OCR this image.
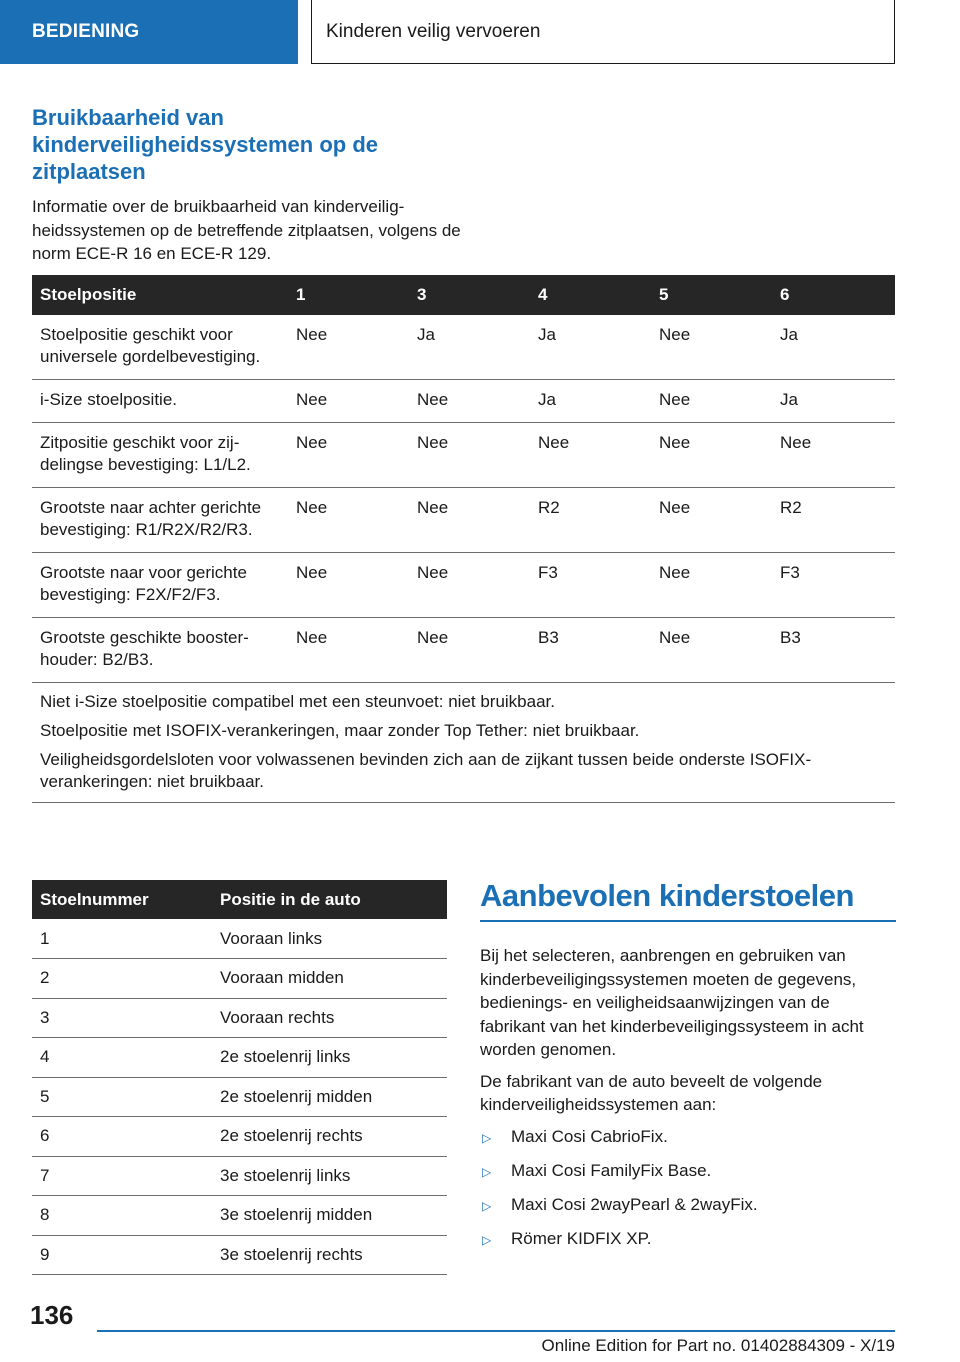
BEDIENING	Kinderen veilig vervoeren
Bruikbaarheid van kinderveiligheidssystemen op de zitplaatsen

Informatie over de bruikbaarheid van kinderveiligheidssystemen op de betreffende zitplaatsen, volgens de norm ECE-R 16 en ECE-R 129.

Stoelpositie	1	3	4	5	6
Stoelpositie geschikt voor universele gordelbevestiging.	Nee	Ja	Ja	Nee	Ja
i-Size stoelpositie.	Nee	Nee	Ja	Nee	Ja
Zitpositie geschikt voor zijdelingse bevestiging: L1/L2.	Nee	Nee	Nee	Nee	Nee
Grootste naar achter gerichte bevestiging: R1/R2X/R2/R3.	Nee	Nee	R2	Nee	R2
Grootste naar voor gerichte bevestiging: F2X/F2/F3.	Nee	Nee	F3	Nee	F3
Grootste geschikte boosterhouder: B2/B3.	Nee	Nee	B3	Nee	B3

Niet i-Size stoelpositie compatibel met een steunvoet: niet bruikbaar.

Stoelpositie met ISOFIX-verankeringen, maar zonder Top Tether: niet bruikbaar.

Veiligheidsgordelsloten voor volwassenen bevinden zich aan de zijkant tussen beide onderste ISOFIX-verankeringen: niet bruikbaar.					

Stoelnummer	Positie in de auto
1	Vooraan links
2	Vooraan midden
3	Vooraan rechts
4	2e stoelenrij links
5	2e stoelenrij midden
6	2e stoelenrij rechts
7	3e stoelenrij links
8	3e stoelenrij midden
9	3e stoelenrij rechts
Aanbevolen kinderstoelen

Bij het selecteren, aanbrengen en gebruiken van kinderbeveiligingssystemen moeten de gegevens, bedienings- en veiligheidsaanwijzingen van de fabrikant van het kinderbeveiligingssysteem in acht worden genomen.

De fabrikant van de auto beveelt de volgende kinderveiligheidssystemen aan:

▷	Maxi Cosi CabrioFix.
▷	Maxi Cosi FamilyFix Base.
▷	Maxi Cosi 2wayPearl & 2wayFix.
▷	Römer KIDFIX XP.
136
Online Edition for Part no. 01402884309 - X/19
